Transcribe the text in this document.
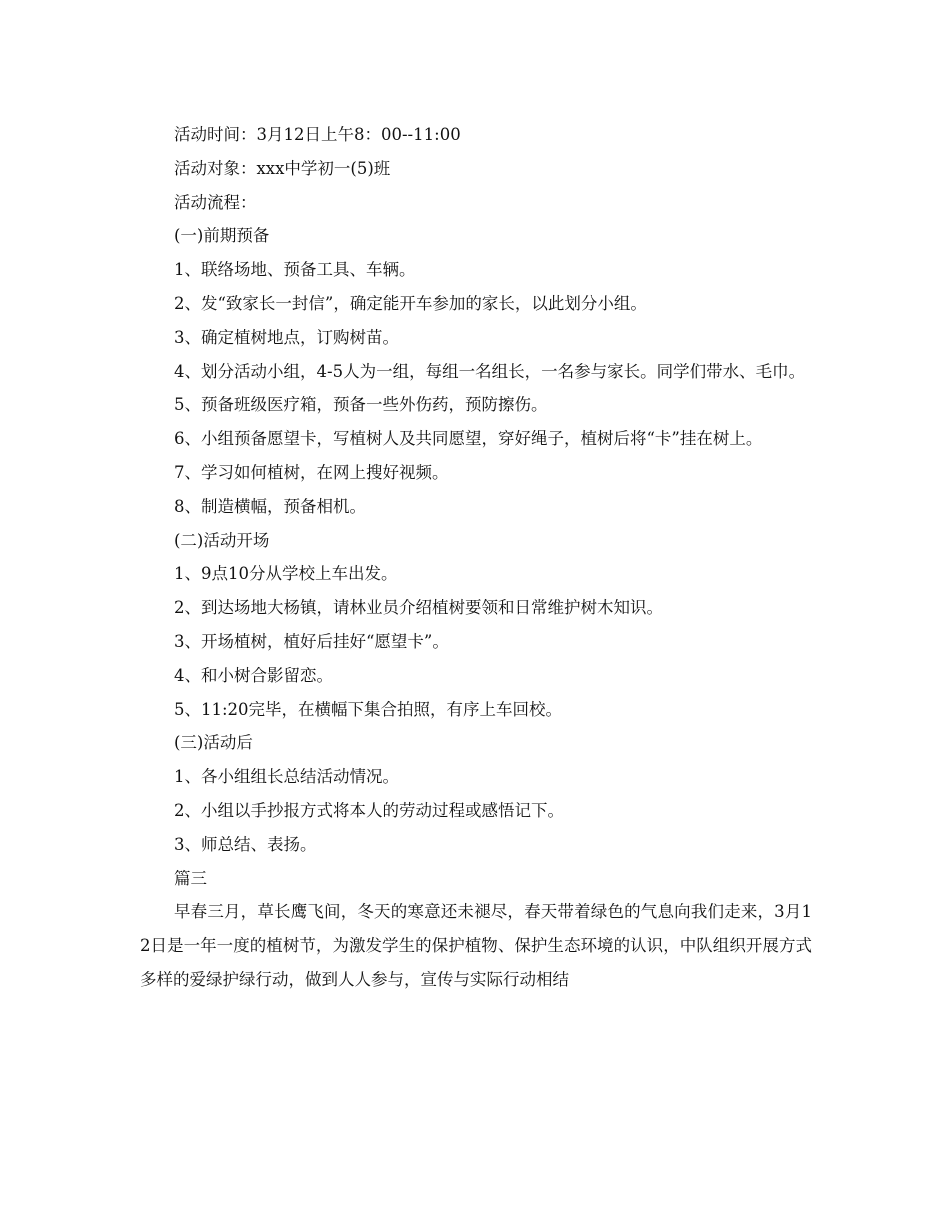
活动时间：3月12日上午8：00--11:00

活动对象：xxx中学初一(5)班

活动流程：

(一)前期预备

1、联络场地、预备工具、车辆。

2、发“致家长一封信”，确定能开车参加的家长，以此划分小组。

3、确定植树地点，订购树苗。

4、划分活动小组，4-5人为一组，每组一名组长，一名参与家长。同学们带水、毛巾。

5、预备班级医疗箱，预备一些外伤药，预防擦伤。

6、小组预备愿望卡，写植树人及共同愿望，穿好绳子，植树后将“卡”挂在树上。

7、学习如何植树，在网上搜好视频。

8、制造横幅，预备相机。

(二)活动开场

1、9点10分从学校上车出发。

2、到达场地大杨镇，请林业员介绍植树要领和日常维护树木知识。

3、开场植树，植好后挂好“愿望卡”。

4、和小树合影留恋。

5、11:20完毕，在横幅下集合拍照，有序上车回校。

(三)活动后

1、各小组组长总结活动情况。

2、小组以手抄报方式将本人的劳动过程或感悟记下。

3、师总结、表扬。

篇三

早春三月，草长鹰飞间，冬天的寒意还未褪尽，春天带着绿色的气息向我们走来，3月12日是一年一度的植树节，为激发学生的保护植物、保护生态环境的认识，中队组织开展方式多样的爱绿护绿行动，做到人人参与，宣传与实际行动相结
